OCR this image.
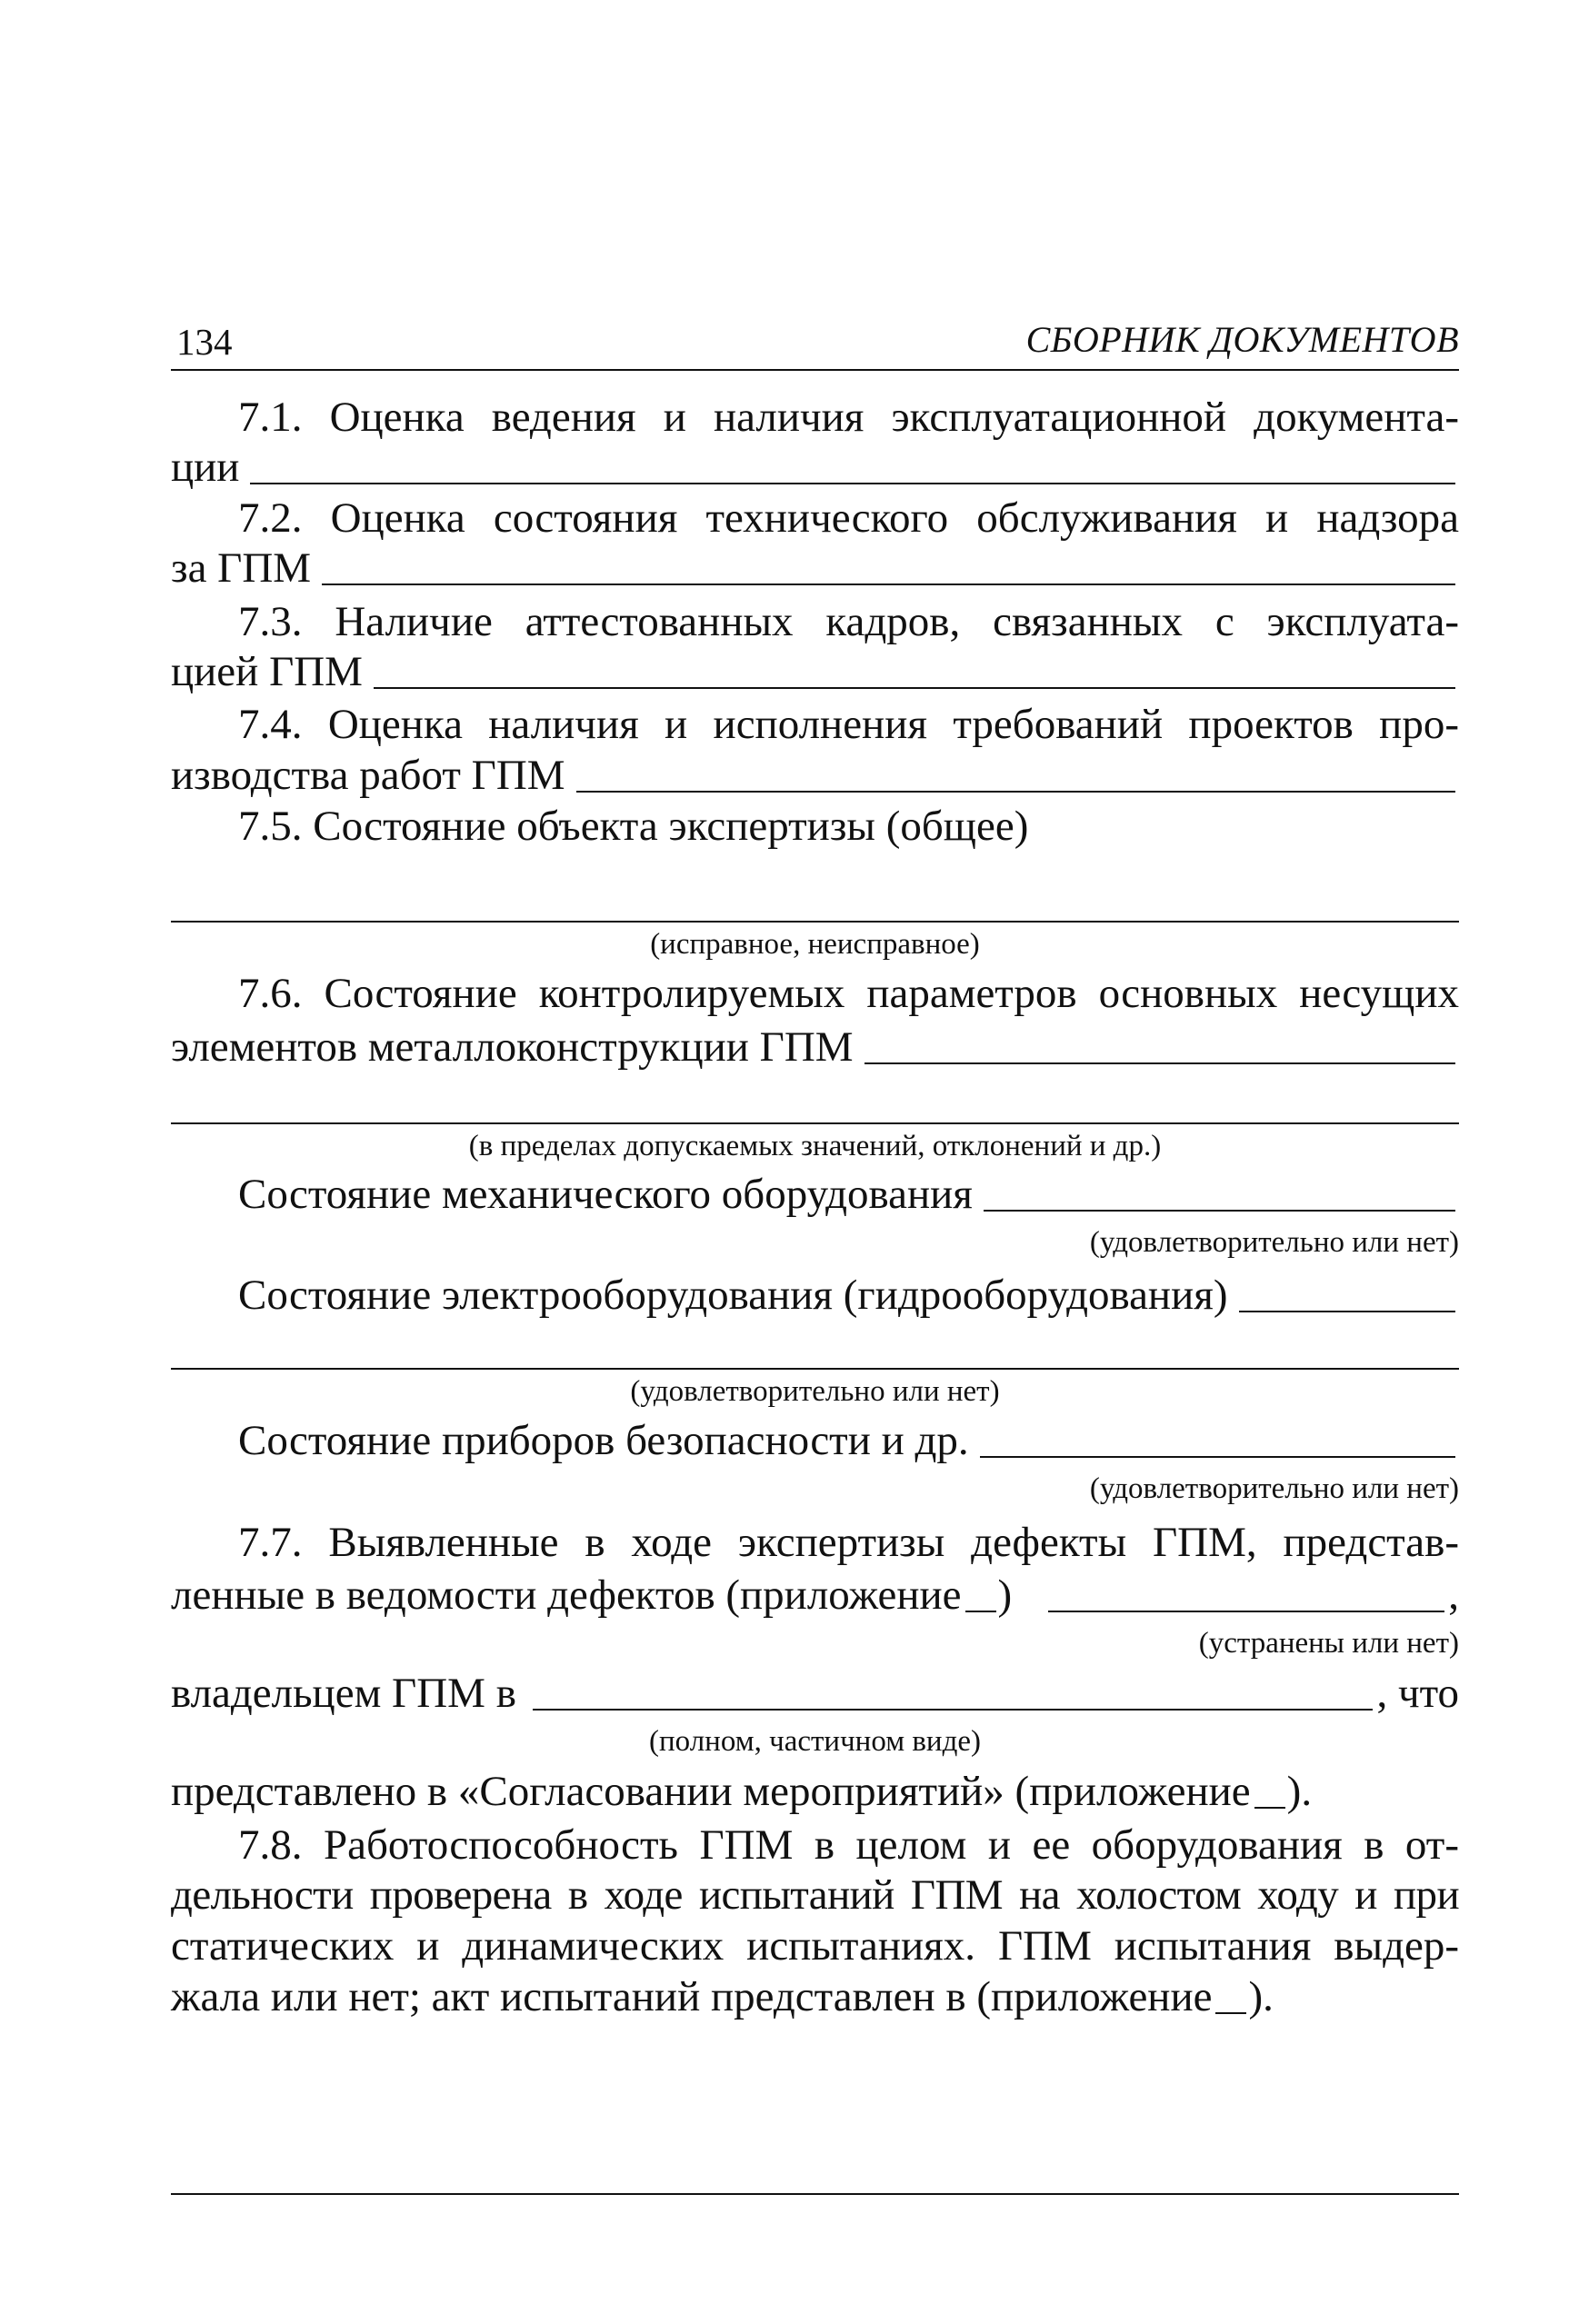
134	СБОРНИК ДОКУМЕНТОВ
7.1. Оценка ведения и наличия эксплуатационной документа-
ции
7.2. Оценка состояния технического обслуживания и надзора
за ГПМ
7.3. Наличие аттестованных кадров, связанных с эксплуата-
цией ГПМ
7.4. Оценка наличия и исполнения требований проектов про-
изводства работ ГПМ
7.5. Состояние объекта экспертизы (общее)
(исправное, неисправное)
7.6. Состояние контролируемых параметров основных несущих
элементов металлоконструкции ГПМ
(в пределах допускаемых значений, отклонений и др.)
Состояние механического оборудования
(удовлетворительно или нет)
Состояние электрооборудования (гидрооборудования)
(удовлетворительно или нет)
Состояние приборов безопасности и др.
(удовлетворительно или нет)
7.7. Выявленные в ходе экспертизы дефекты ГПМ, представ-
ленные в ведомости дефектов (приложение )	,
(устранены или нет)
владельцем ГПМ в	, что
(полном, частичном виде)
представлено в «Согласовании мероприятий» (приложение ).
7.8. Работоспособность ГПМ в целом и ее оборудования в от-
дельности проверена в ходе испытаний ГПМ на холостом ходу и при
статических и динамических испытаниях. ГПМ испытания выдер-
жала или нет; акт испытаний представлен в (приложение ).
